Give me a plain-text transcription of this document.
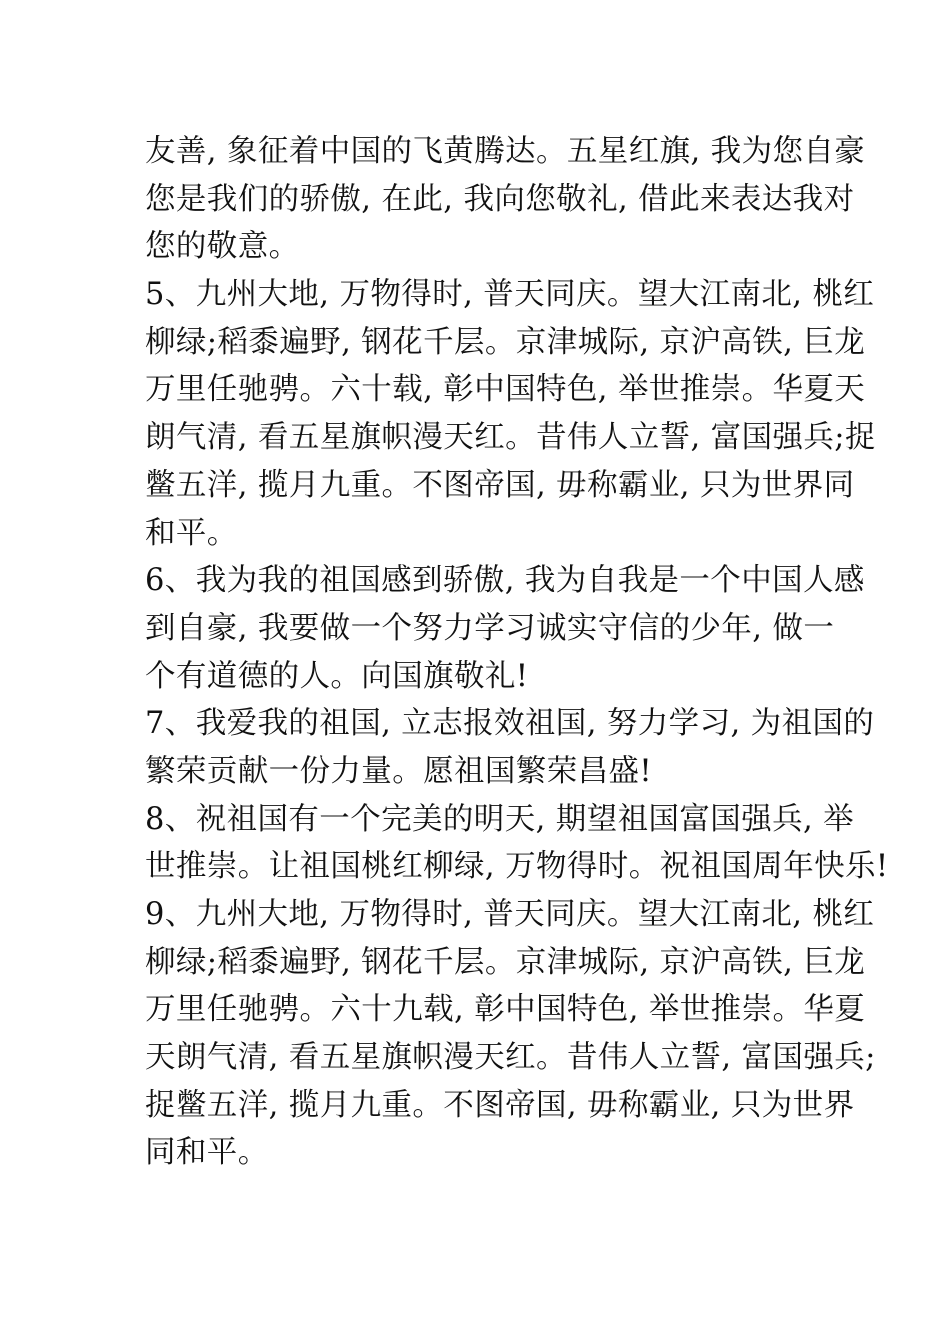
友善, 象征着中国的飞黄腾达。五星红旗, 我为您自豪
您是我们的骄傲, 在此, 我向您敬礼, 借此来表达我对
您的敬意。
5、九州大地, 万物得时, 普天同庆。望大江南北, 桃红
柳绿;稻黍遍野, 钢花千层。京津城际, 京沪高铁, 巨龙
万里任驰骋。六十载, 彰中国特色, 举世推崇。华夏天
朗气清, 看五星旗帜漫天红。昔伟人立誓, 富国强兵;捉
鳖五洋, 揽月九重。不图帝国, 毋称霸业, 只为世界同
和平。
6、我为我的祖国感到骄傲, 我为自我是一个中国人感
到自豪, 我要做一个努力学习诚实守信的少年, 做一
个有道德的人。向国旗敬礼!
7、我爱我的祖国, 立志报效祖国, 努力学习, 为祖国的
繁荣贡献一份力量。愿祖国繁荣昌盛!
8、祝祖国有一个完美的明天, 期望祖国富国强兵, 举
世推崇。让祖国桃红柳绿, 万物得时。祝祖国周年快乐!
9、九州大地, 万物得时, 普天同庆。望大江南北, 桃红
柳绿;稻黍遍野, 钢花千层。京津城际, 京沪高铁, 巨龙
万里任驰骋。六十九载, 彰中国特色, 举世推崇。华夏
天朗气清, 看五星旗帜漫天红。昔伟人立誓, 富国强兵;
捉鳖五洋, 揽月九重。不图帝国, 毋称霸业, 只为世界
同和平。
